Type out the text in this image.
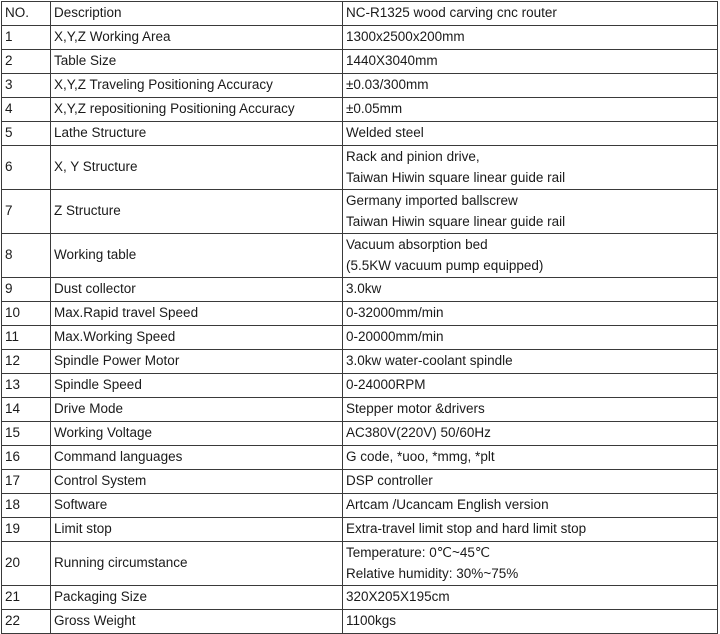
NO.	Description	NC-R1325 wood carving cnc router
1	X,Y,Z Working Area	1300x2500x200mm

2	Table Size	1440X3040mm

3	X,Y,Z Traveling Positioning Accuracy	±0.03/300mm

4	X,Y,Z repositioning Positioning Accuracy	±0.05mm

5	Lathe Structure	Welded steel

6	X, Y Structure	Rack and pinion drive,
Taiwan Hiwin square linear guide rail

7	Z Structure	Germany imported ballscrew
Taiwan Hiwin square linear guide rail

8	Working table	Vacuum absorption bed
(5.5KW vacuum pump equipped)

9	Dust collector	3.0kw

10	Max.Rapid travel Speed	0-32000mm/min

11	Max.Working Speed	0-20000mm/min

12	Spindle Power Motor	3.0kw water-coolant spindle

13	Spindle Speed	0-24000RPM

14	Drive Mode	Stepper motor &drivers

15	Working Voltage	AC380V(220V) 50/60Hz

16	Command languages	G code, *uoo, *mmg, *plt

17	Control System	DSP controller

18	Software	Artcam /Ucancam English version

19	Limit stop	Extra-travel limit stop and hard limit stop

20	Running circumstance	Temperature: 0℃~45℃
Relative humidity: 30%~75%

21	Packaging Size	320X205X195cm

22	Gross Weight	1100kgs
